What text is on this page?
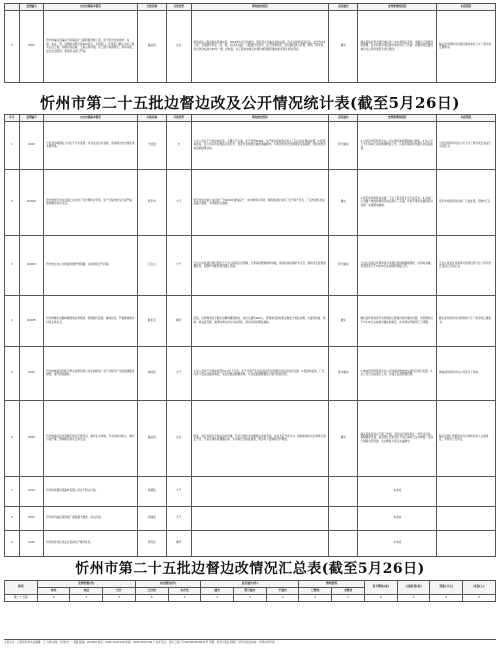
	受理编号	交办问题基本情况	行政区域	污染类型	调查核实情况	是否属实	处理和整改情况	问责情况
3	X027	忻州市偏关县偏关“锦河溪流”公路附属设施工程，用于防洪水和城市，东、南、东北、西，延伸防洪坝长度200多米，水利部门、环保部门都认为该工程为合法工程，但据村民反映，工程占用河道，该工程不具备防洪、排水功能，存在安全隐患，希望有关部门严查。	偏关县	生态	锦河溪流公路在偏关县城东部，2018年5月启动建设，项目起点为偏关县城关镇，终点为锦河溪流沿线，全长约9.4公里，沿途建设有东、西、南、北四条支路；公路建设过程中，由于地形原因，部分路段挤占河道，修筑了防洪坝，设计防洪标准为20年一遇，经核查，该工程未按规定办理河道管理范围内建设项目审批手续。	属实	偏关县政府责令建设单位进一步完善相关手续，加强对工程建设的管理，县水利局对项目建设单位进行了约谈，并要求项目建设单位对占用河道部分进行整改。	偏关县水利局对该项目建设单位下达了责令改正通知书。
忻州市第二十五批边督边改及公开情况统计表(截至5月26日)
序号	受理编号	交办问题基本情况	行政区域	污染类型	调查核实情况	是否属实	处理和整改情况	问责情况
1	X013	宁武县丹峰酒业公司生产污水直排，另有企业污水直排，造成周边农田和饮用水源污染。	宁武县	水	1.该公司位于宁武县城东部，主要生产白酒，年产量约500吨，生产废水经收集后进入厂区污水处理站处理。2.经现场检查，该公司污水处理站正常运行，但部分管网存在破损渗漏现象。3.周边农田未发现明显污染痕迹，饮用水源水质监测结果达标。	部分属实	1.宁武县环保局责令该公司立即对破损管网进行修复。2.该公司已于5月20日完成管网修复工作。3.县环保局将加强日常巡查监管。	宁武县环保局对该公司下达了责令改正违法行为决定书。
2	D2043	忻州市原平市东社镇上庄村砖厂未办理环评手续，生产过程中粉尘污染严重，影响周边村民生活。	原平市	大气	原平市东社镇上庄村砖厂于2016年建成投产，未办理环评手续；现场检查时该砖厂处于停产状态，厂区内原料及成品露天堆放，未采取防尘措施。	属实	1.原平市环保局对该砖厂下达了责令停止生产决定书。2.该砖厂已对露天堆放的原料及成品进行了苫盖。3.原平市东社镇政府对该砖厂实施断电措施。	原平市环保局对该砖厂立案处罚，罚款5万元。
3	D2093	忻州市五台山中铁建设锅炉冒黑烟，污染周边空气环境。	五台山	大气	五台山中铁建设项目部位于五台山风景区台怀镇，冬季采用燃煤锅炉供暖，现场检查时锅炉未运行，现场未发现冒黑烟现象，但锅炉未配套建设除尘设施。	部分属实	五台山风景区环保局责令该项目部拆除燃煤锅炉，改用电采暖；该项目部已于5月25日完成锅炉拆除工作。	五台山风景区环保局对该项目部下达了责令改正违法行为决定书。
4	D2035	忻州市静乐县鹅城镇西坡村养殖场，养殖粪污直排，臭味扰民，严重影响周边村民正常生活。	静乐县	噪声	经查，该养殖场位于静乐县鹅城镇西坡村，存栏生猪约300头，养殖粪污经收集后堆放于场区东侧，未建设防渗、防雨、防溢流设施，雨季时粪污存在外溢风险，周边可闻到明显臭味。	属实	静乐县环保局责令该养殖场立即建设粪污储存设施，该养殖场已于5月22日完成粪污储存池建设，并对周边环境进行了清理。	静乐县环保局对该养殖场下达了责令改正通知书。
5	X041	忻州市神池县利民可再生能源有限公司生物质电厂生产过程中产生的废渣随意倾倒，烟气排放超标。	神池县	大气	1.该公司年产生物质电量约1.2亿千瓦时，生产过程产生的灰渣由专用车辆运至指定地点处置。2.经现场检查，厂区内有少量灰渣临时堆放，未发现随意倾倒现象。3.在线监测数据显示烟气排放达标。	部分属实	1.神池县环保局责令该公司对临时堆放的灰渣进行清运处置。2.该公司已完成清运工作，并建立灰渣管理台账。	神池县环保局对该公司进行了约谈。
6	X042	忻州市偏关县老营镇石场无手续开采，破坏生态环境，开采过程中粉尘、噪声污染严重，影响周边村民正常生活。	偏关县	生态	经查，该石料场位于偏关县老营镇，开采过程中未办理相关审批手续，存在无证开采行为；现场检查时该石料场已停止开采，开采区域形成裸露山体，未采取生态恢复措施，周边有少量破碎石料堆放。	属实	偏关县政府成立专项工作组，责令该石料场停止一切开采活动，拆除破碎设备，由县国土局负责对开采区域进行生态修复；目前已拆除全部设备，生态修复方案正在编制中。	偏关县国土资源局对该石料场负责人立案查处，并移交公安机关。
7	X014	忻州市保德县某建材有限公司生产粉尘污染。	保德县	大气			未办结	
8	X015	忻州市河曲县某洗煤厂煤泥露天堆放，扬尘污染。	河曲县	大气			未办结	
9	X016	忻州市忻府区某企业夜间生产噪声扰民。	忻府区	噪声			未办结	
忻州市第二十五批边督边改情况汇总表(截至5月26日)
批次	受理件数(件)			办结情况(件)		是否属实(件)			整改情况		责令整改(家)	立案处罚(家)	罚款(万元)	问责(人)
	来电	来信	合计	已办结	未办结	属实	部分属实	不属实	已整改	未整改				
第二十五批	6	3	9	6	3	3	3	0	5	1	6	3	5	0
主管主办：山西省忻州市总编辑：王 大顺 地址：忻州市七一北路 邮编：034000 电话：0350-2022108 传真：0350-2022108 广告许可证：晋忻工商广字1405004000011号 印刷：忻州日报社印刷厂 忻州日报社地址：忻州市和平街
